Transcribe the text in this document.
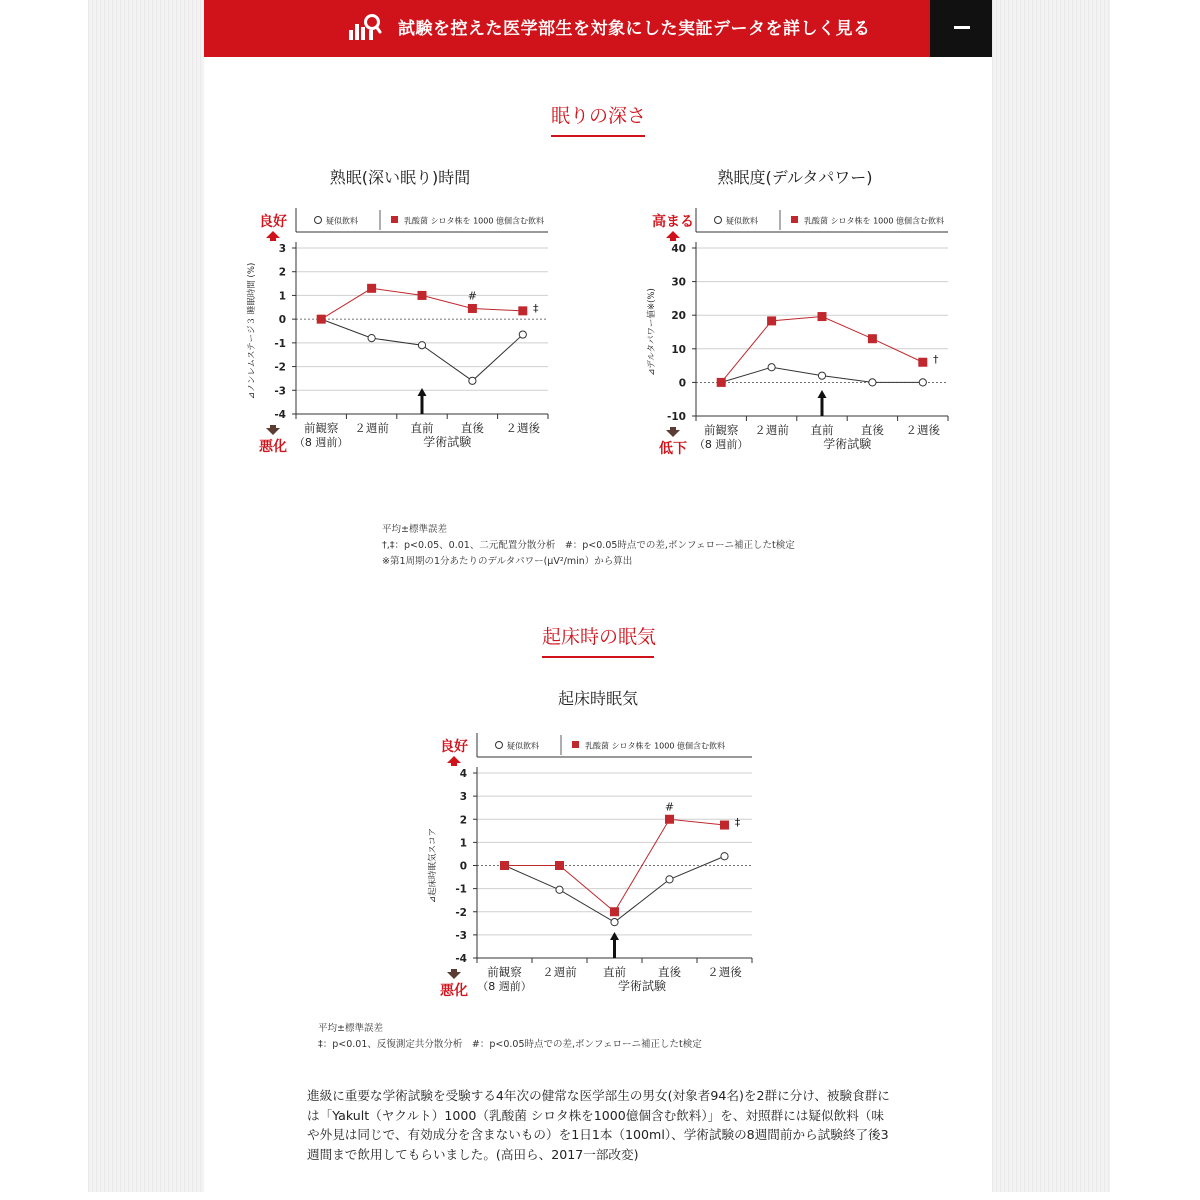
試験を控えた医学部生を対象にした実証データを詳しく見る
眠りの深さ
熟眠(深い眠り)時間	熟眠度(デルタパワー)
疑似飲料	乳酸菌 シロタ株を 1000 億個含む飲料
良好
悪化
3
2
1
0
-1
-2
-3
-4
⊿ノンレムステージ３ 睡眠時間 (%)
前観察 ２週前 直前 直後 ２週後
（8 週前）	学術試験
#
‡
疑似飲料	乳酸菌 シロタ株を 1000 億個含む飲料
高まる
低下
40
30
20
10
0
-10
⊿デルタパワー値※(%)
前観察 ２週前 直前 直後 ２週後
（8 週前）	学術試験
†
平均±標準誤差
†,‡：p<0.05、0.01、二元配置分散分析　#：p<0.05時点での差,ボンフェローニ補正したt検定
※第1周期の1分あたりのデルタパワー(μV²/min）から算出
起床時の眠気
起床時眠気
疑似飲料	乳酸菌 シロタ株を 1000 億個含む飲料
良好
悪化
4
3
2
1
0
-1
-2
-3
-4
⊿起床時眠気スコア
前観察 ２週前 直前	直後 ２週後
（8 週前）	学術試験
#
‡
平均±標準誤差
‡：p<0.01、反復測定共分散分析　#：p<0.05時点での差,ボンフェローニ補正したt検定
進級に重要な学術試験を受験する4年次の健常な医学部生の男女(対象者94名)を2群に分け、被験食群には「Yakult（ヤクルト）1000（乳酸菌 シロタ株を1000億個含む飲料）」を、対照群には疑似飲料（味や外見は同じで、有効成分を含まないもの）を1日1本（100ml）、学術試験の8週間前から試験終了後3週間まで飲用してもらいました。(高田ら、2017一部改変)
